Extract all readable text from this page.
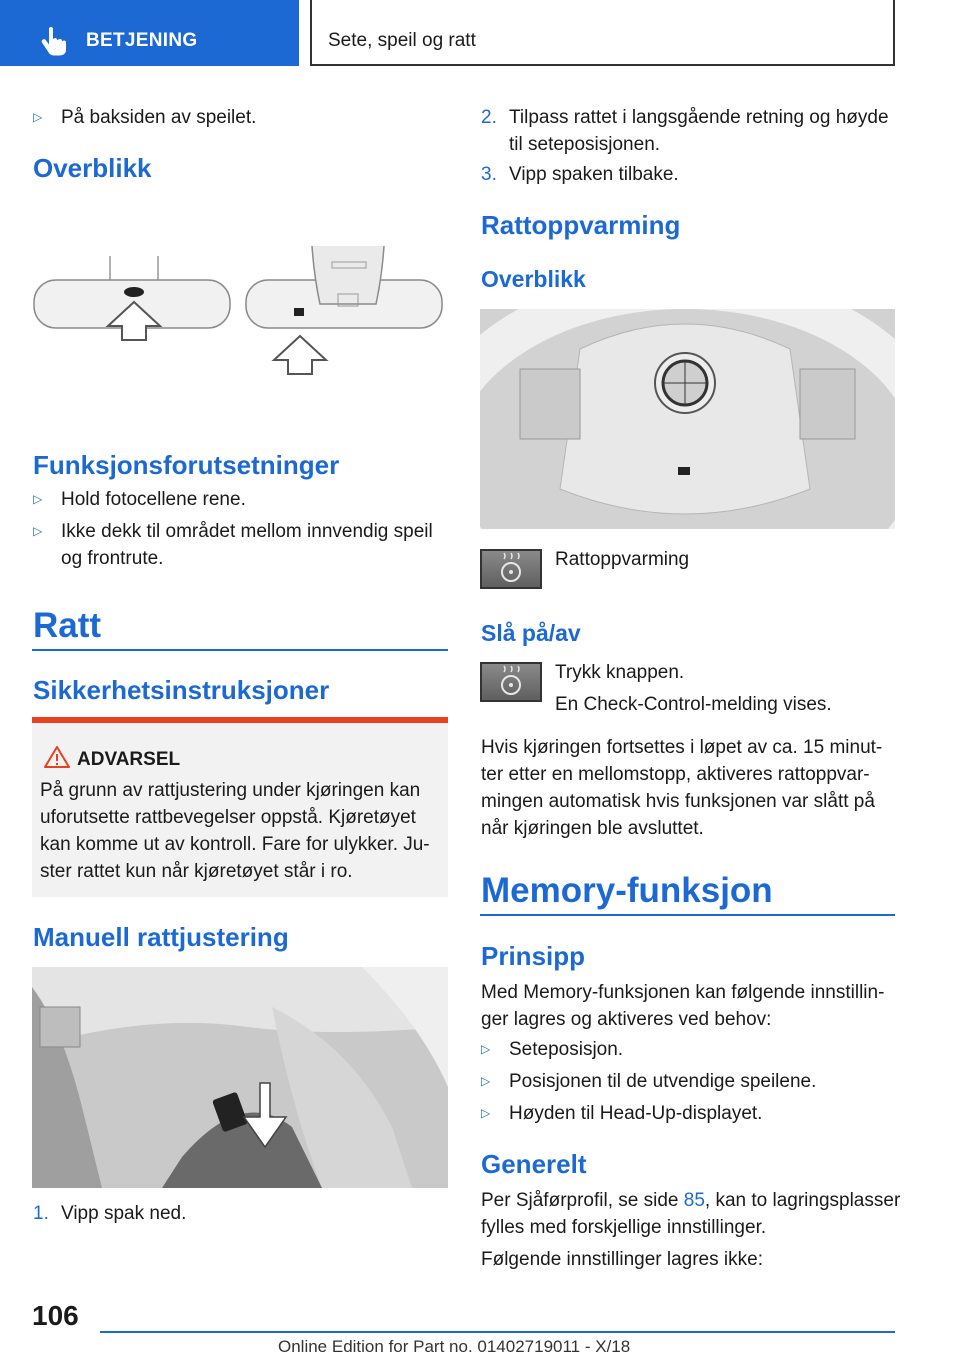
BETJENING	Sete, speil og ratt
▷ På baksiden av speilet.
Overblikk
Funksjonsforutsetninger
▷ Hold fotocellene rene.
▷ Ikke dekk til området mellom innvendig speil
og frontrute.
Ratt
Sikkerhetsinstruksjoner
ADVARSEL
På grunn av rattjustering under kjøringen kan
uforutsette rattbevegelser oppstå. Kjøretøyet
kan komme ut av kontroll. Fare for ulykker. Ju-
ster rattet kun når kjøretøyet står i ro.
Manuell rattjustering
1. Vipp spak ned.
2. Tilpass rattet i langsgående retning og høyde
til seteposisjonen.
3. Vipp spaken tilbake.
Rattoppvarming
Overblikk
Rattoppvarming
Slå på/av
Trykk knappen.
En Check-Control-melding vises.
Hvis kjøringen fortsettes i løpet av ca. 15 minut-
ter etter en mellomstopp, aktiveres rattoppvar-
mingen automatisk hvis funksjonen var slått på
når kjøringen ble avsluttet.
Memory-funksjon
Prinsipp
Med Memory-funksjonen kan følgende innstillin-
ger lagres og aktiveres ved behov:
▷ Seteposisjon.
▷ Posisjonen til de utvendige speilene.
▷ Høyden til Head-Up-displayet.
Generelt
Per Sjåførprofil, se side 85, kan to lagringsplasser
fylles med forskjellige innstillinger.
Følgende innstillinger lagres ikke:
106
Online Edition for Part no. 01402719011 - X/18
